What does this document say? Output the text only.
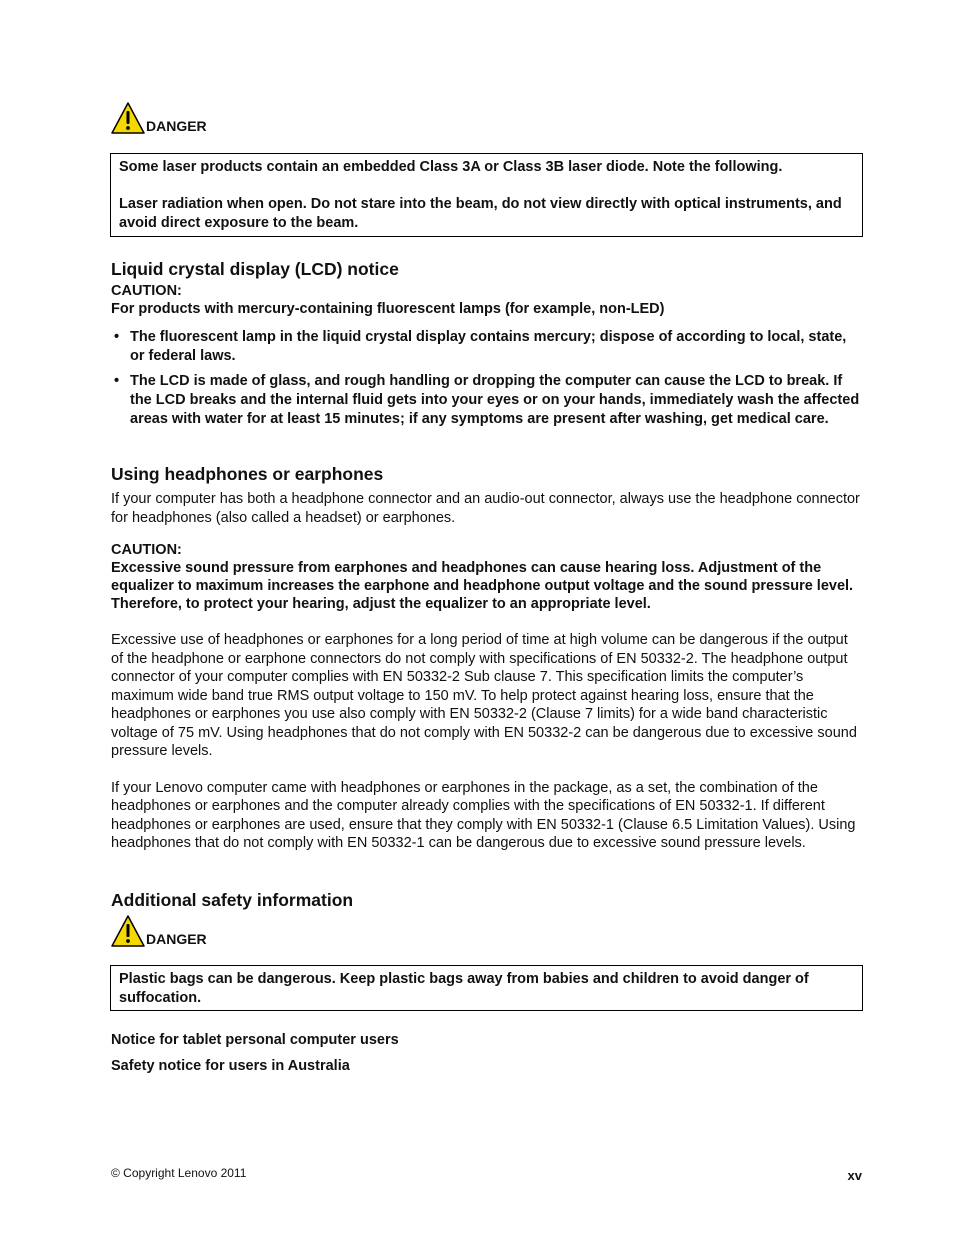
DANGER

Some laser products contain an embedded Class 3A or Class 3B laser diode. Note the following.

Laser radiation when open. Do not stare into the beam, do not view directly with optical instruments, and avoid direct exposure to the beam.

Liquid crystal display (LCD) notice
CAUTION:
For products with mercury-containing fluorescent lamps (for example, non-LED)
• The fluorescent lamp in the liquid crystal display contains mercury; dispose of according to local, state, or federal laws.
• The LCD is made of glass, and rough handling or dropping the computer can cause the LCD to break. If the LCD breaks and the internal fluid gets into your eyes or on your hands, immediately wash the affected areas with water for at least 15 minutes; if any symptoms are present after washing, get medical care.
Using headphones or earphones
If your computer has both a headphone connector and an audio-out connector, always use the headphone connector for headphones (also called a headset) or earphones.
CAUTION:
Excessive sound pressure from earphones and headphones can cause hearing loss. Adjustment of the equalizer to maximum increases the earphone and headphone output voltage and the sound pressure level. Therefore, to protect your hearing, adjust the equalizer to an appropriate level.
Excessive use of headphones or earphones for a long period of time at high volume can be dangerous if the output of the headphone or earphone connectors do not comply with specifications of EN 50332-2. The headphone output connector of your computer complies with EN 50332-2 Sub clause 7. This specification limits the computer’s maximum wide band true RMS output voltage to 150 mV. To help protect against hearing loss, ensure that the headphones or earphones you use also comply with EN 50332-2 (Clause 7 limits) for a wide band characteristic voltage of 75 mV. Using headphones that do not comply with EN 50332-2 can be dangerous due to excessive sound pressure levels.
If your Lenovo computer came with headphones or earphones in the package, as a set, the combination of the headphones or earphones and the computer already complies with the specifications of EN 50332-1. If different headphones or earphones are used, ensure that they comply with EN 50332-1 (Clause 6.5 Limitation Values). Using headphones that do not comply with EN 50332-1 can be dangerous due to excessive sound pressure levels.
Additional safety information
DANGER

Plastic bags can be dangerous. Keep plastic bags away from babies and children to avoid danger of suffocation.

Notice for tablet personal computer users
Safety notice for users in Australia
© Copyright Lenovo 2011	xv
